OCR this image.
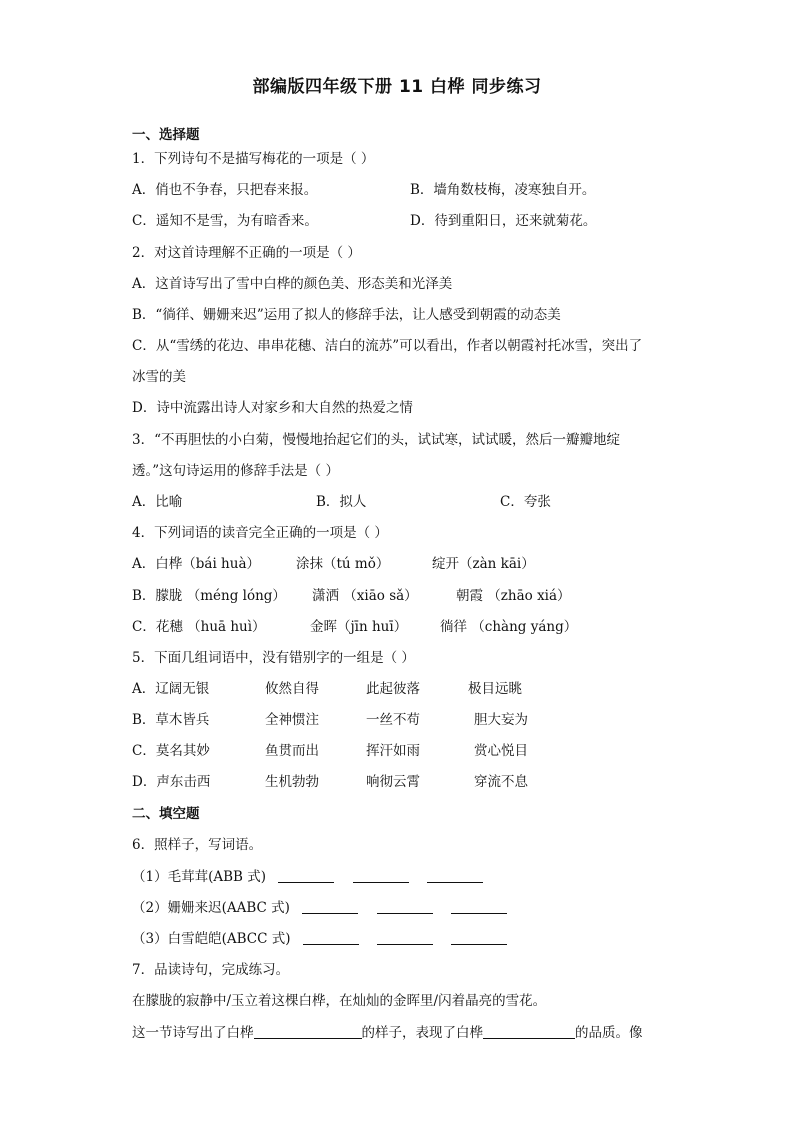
部编版四年级下册 11 白桦 同步练习
一、选择题
1．下列诗句不是描写梅花的一项是（ ）
A．俏也不争春，只把春来报。	B．墙角数枝梅，凌寒独自开。
C．遥知不是雪，为有暗香来。	D．待到重阳日，还来就菊花。
2．对这首诗理解不正确的一项是（ ）
A．这首诗写出了雪中白桦的颜色美、形态美和光泽美
B．“徜徉、姗姗来迟”运用了拟人的修辞手法，让人感受到朝霞的动态美
C．从“雪绣的花边、串串花穗、洁白的流苏”可以看出，作者以朝霞衬托冰雪，突出了
冰雪的美
D．诗中流露出诗人对家乡和大自然的热爱之情
3．“不再胆怯的小白菊，慢慢地抬起它们的头，试试寒，试试暖，然后一瓣瓣地绽
透。”这句诗运用的修辞手法是（ ）
A．比喻	B．拟人	C．夸张
4．下列词语的读音完全正确的一项是（ ）
A．白桦（bái huà）	涂抹（tú mǒ）	绽开（zàn kāi）
B．朦胧 （méng lóng） 潇洒 （xiāo sǎ）	朝霞 （zhāo xiá）
C．花穗 （huā huì）	金晖（jīn huī） 徜徉 （chàng yáng）
5．下面几组词语中，没有错别字的一组是（ ）
A．辽阔无银	攸然自得	此起彼落	极目远眺
B．草木皆兵	全神惯注	一丝不苟	胆大妄为
C．莫名其妙	鱼贯而出	挥汗如雨	赏心悦目
D．声东击西	生机勃勃	响彻云霄	穿流不息
二、填空题
6．照样子，写词语。
（1）毛茸茸(ABB 式)
（2）姗姗来迟(AABC 式)
（3）白雪皑皑(ABCC 式)
7．品读诗句，完成练习。
在朦胧的寂静中/玉立着这棵白桦，在灿灿的金晖里/闪着晶亮的雪花。
这一节诗写出了白桦	的样子，表现了白桦	的品质。像
